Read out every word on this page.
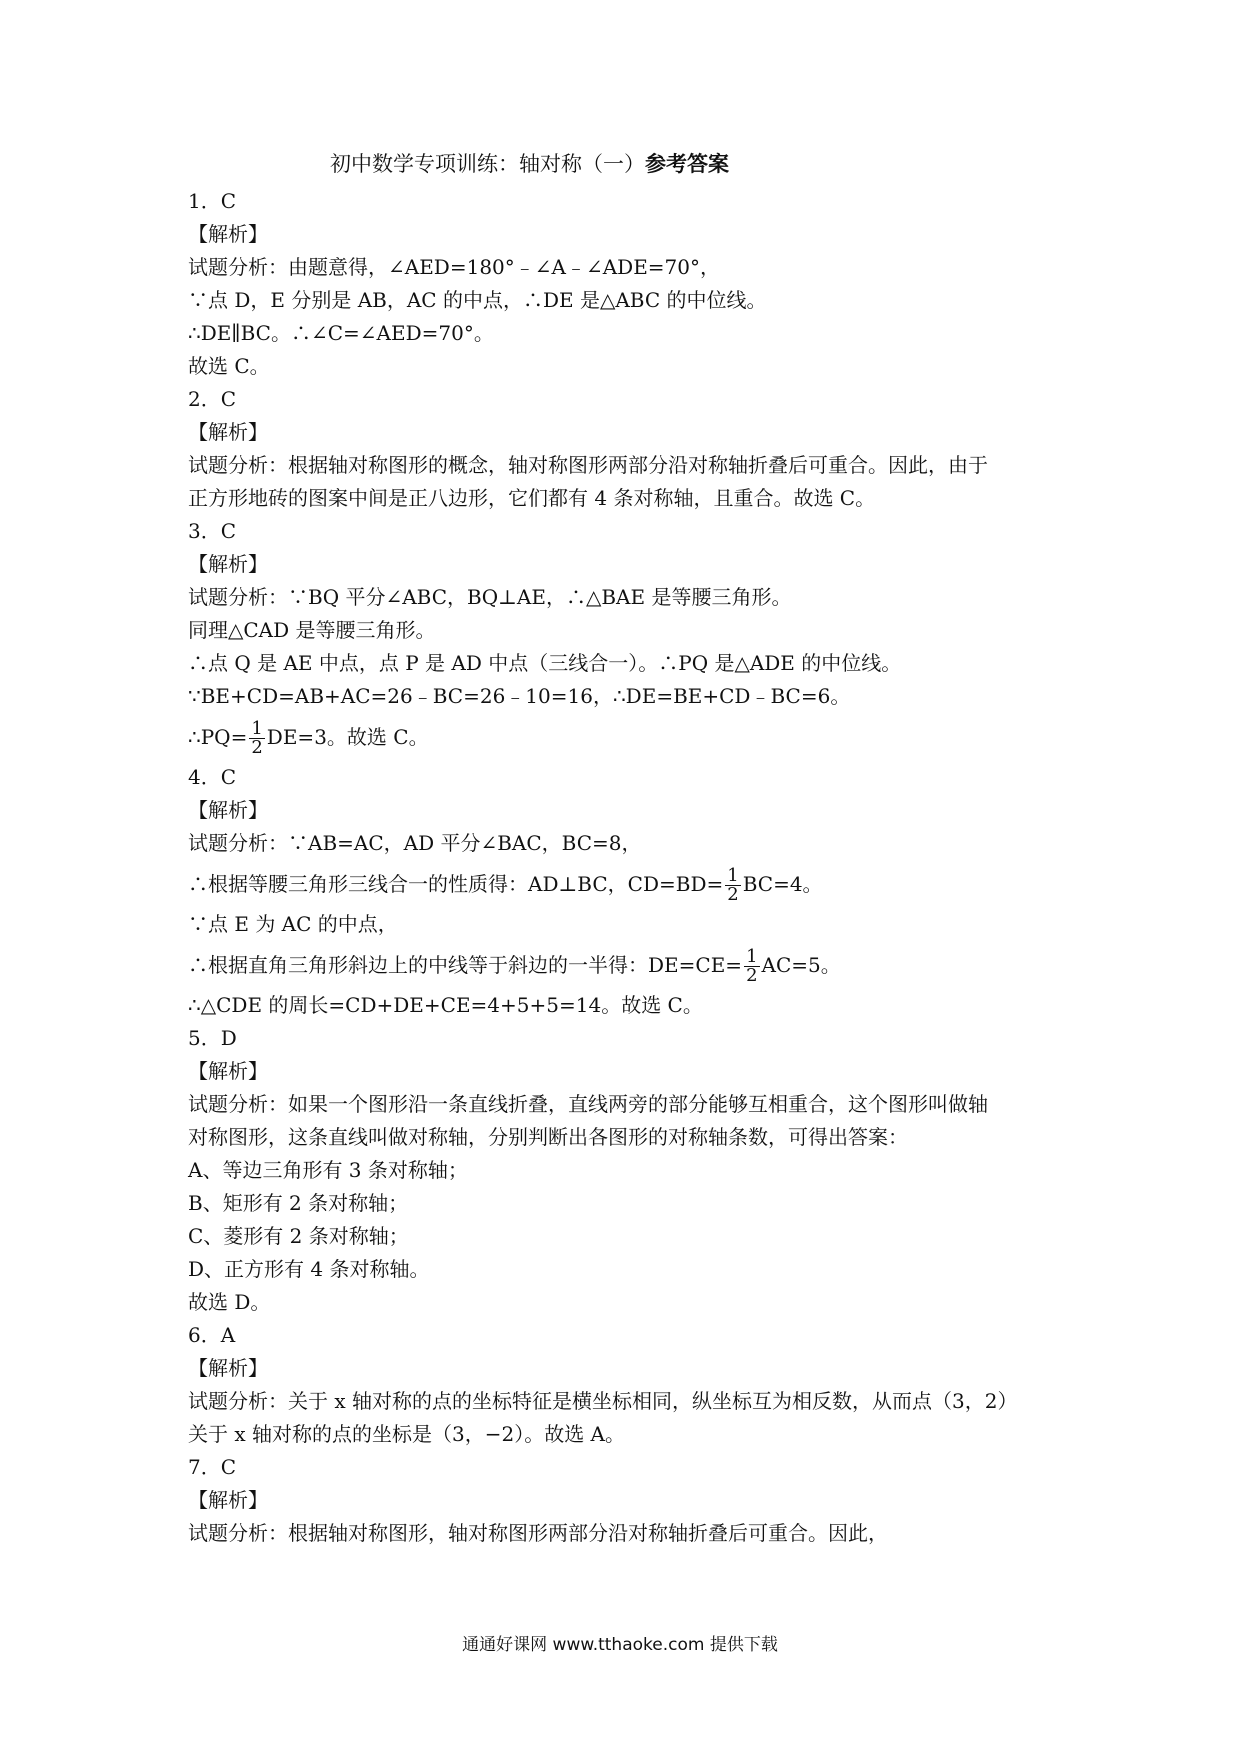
初中数学专项训练：轴对称（一）参考答案
1．C
【解析】
试题分析：由题意得，∠AED=180°﹣∠A﹣∠ADE=70°，
∵点 D，E 分别是 AB，AC 的中点，∴DE 是△ABC 的中位线。
∴DE∥BC。∴∠C=∠AED=70°。
故选 C。
2．C
【解析】
试题分析：根据轴对称图形的概念，轴对称图形两部分沿对称轴折叠后可重合。因此，由于
正方形地砖的图案中间是正八边形，它们都有 4 条对称轴，且重合。故选 C。
3．C
【解析】
试题分析：∵BQ 平分∠ABC，BQ⊥AE，∴△BAE 是等腰三角形。
同理△CAD 是等腰三角形。
∴点 Q 是 AE 中点，点 P 是 AD 中点（三线合一）。∴PQ 是△ADE 的中位线。
∵BE+CD=AB+AC=26﹣BC=26﹣10=16，∴DE=BE+CD﹣BC=6。
∴PQ= $\frac{1}{2} DE=3$。故选 C。
4．C
【解析】
试题分析：∵AB=AC，AD 平分∠BAC，BC=8，
∴根据等腰三角形三线合一的性质得：AD⊥BC，$CD=BD= \frac{1}{2} BC=4$。
∵点 E 为 AC 的中点，
∴根据直角三角形斜边上的中线等于斜边的一半得：$DE=CE= \frac{1}{2} AC=5$。
∴△CDE 的周长=CD+DE+CE=4+5+5=14。故选 C。
5．D
【解析】
试题分析：如果一个图形沿一条直线折叠，直线两旁的部分能够互相重合，这个图形叫做轴
对称图形，这条直线叫做对称轴，分别判断出各图形的对称轴条数，可得出答案：
A、等边三角形有 3 条对称轴；
B、矩形有 2 条对称轴；
C、菱形有 2 条对称轴；
D、正方形有 4 条对称轴。
故选 D。
6．A
【解析】
试题分析：关于 x 轴对称的点的坐标特征是横坐标相同，纵坐标互为相反数，从而点（3，2）
关于 x 轴对称的点的坐标是（3，−2）。故选 A。
7．C
【解析】
试题分析：根据轴对称图形，轴对称图形两部分沿对称轴折叠后可重合。因此，
通通好课网 www.tthaoke.com 提供下载
